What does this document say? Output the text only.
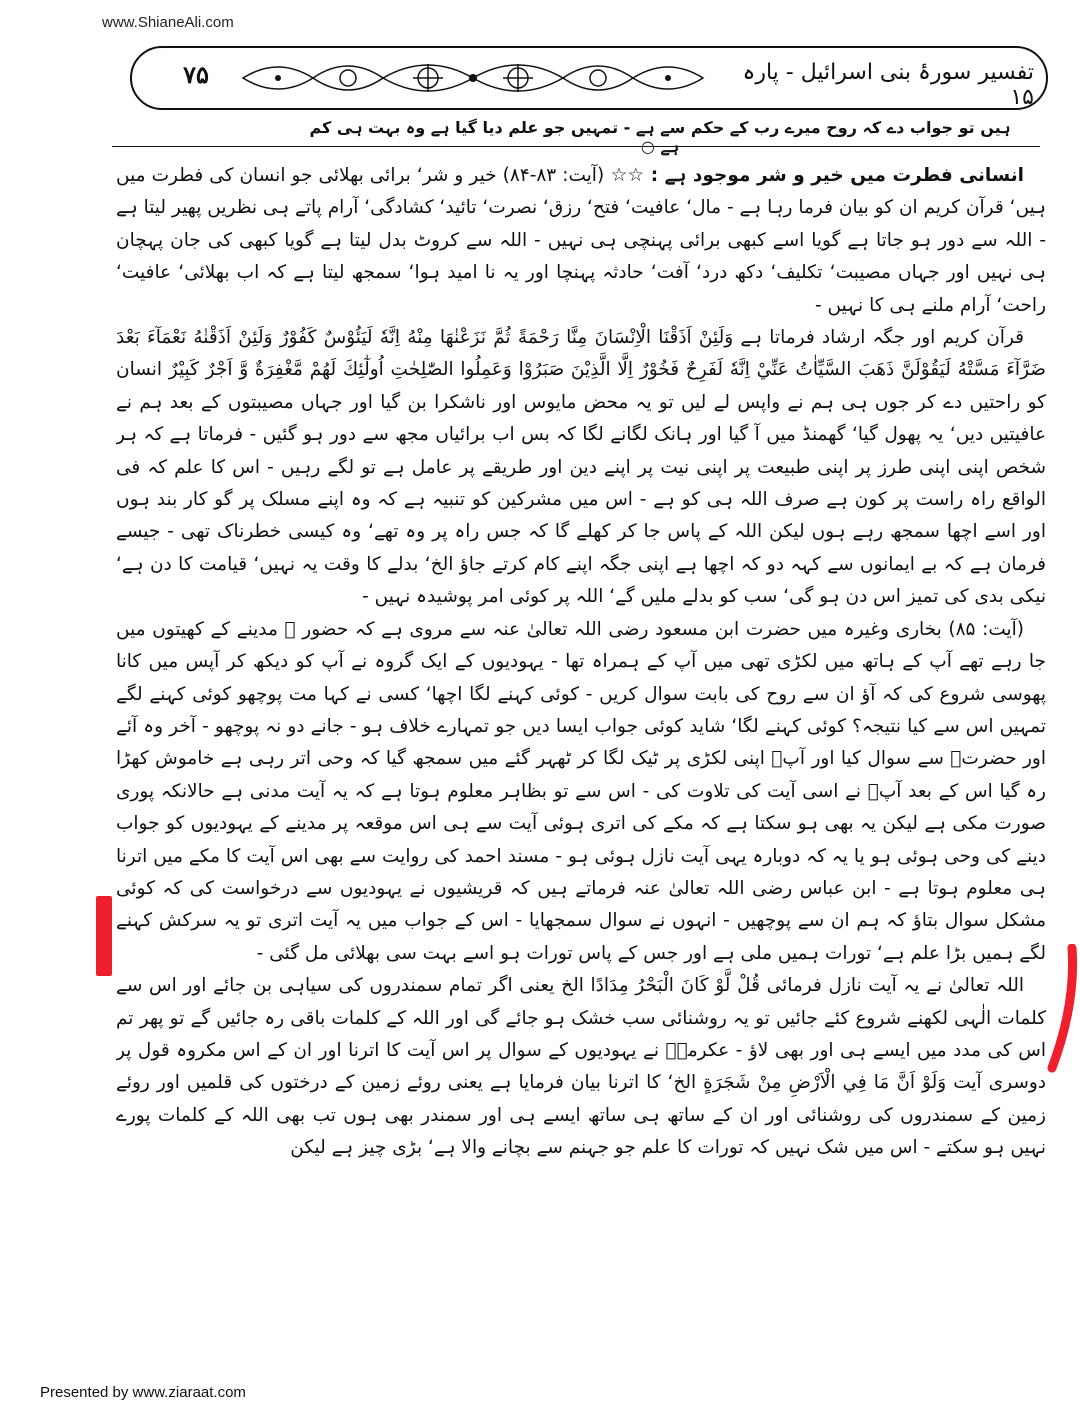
www.ShianeAli.com
۷۵	تفسیر سورۂ بنی اسرائیل - پارہ ۱۵
ہیں تو جواب دے کہ روح میرے رب کے حکم سے ہے - تمہیں جو علم دیا گیا ہے وہ بہت ہی کم ہے ○

انسانی فطرت میں خیر و شر موجود ہے : ☆☆ (آیت: ۸۳-۸۴) خیر و شر‘ برائی بھلائی جو انسان کی فطرت میں ہیں‘ قرآن کریم ان کو بیان فرما رہا ہے - مال‘ عافیت‘ فتح‘ رزق‘ نصرت‘ تائید‘ کشادگی‘ آرام پاتے ہی نظریں پھیر لیتا ہے - اللہ سے دور ہو جاتا ہے گویا اسے کبھی برائی پہنچی ہی نہیں - اللہ سے کروٹ بدل لیتا ہے گویا کبھی کی جان پہچان ہی نہیں اور جہاں مصیبت‘ تکلیف‘ دکھ درد‘ آفت‘ حادثہ پہنچا اور یہ نا امید ہوا‘ سمجھ لیتا ہے کہ اب بھلائی‘ عافیت‘ راحت‘ آرام ملنے ہی کا نہیں -

قرآن کریم اور جگہ ارشاد فرماتا ہے وَلَئِنْ اَذَقْنَا الْاِنْسَانَ مِنَّا رَحْمَةً ثُمَّ نَزَعْنٰهَا مِنْهُ اِنَّهٗ لَيَئُوْسٌ كَفُوْرٌ وَلَئِنْ اَذَقْنٰهُ نَعْمَآءَ بَعْدَ ضَرَّآءَ مَسَّتْهُ لَيَقُوْلَنَّ ذَهَبَ السَّيِّاٰتُ عَنِّيْ اِنَّهٗ لَفَرِحٌ فَخُوْرٌ اِلَّا الَّذِيْنَ صَبَرُوْا وَعَمِلُوا الصّٰلِحٰتِ اُولٰٓئِكَ لَهُمْ مَّغْفِرَةٌ وَّ اَجْرٌ كَبِيْرٌ انسان کو راحتیں دے کر جوں ہی ہم نے واپس لے لیں تو یہ محض مایوس اور ناشکرا بن گیا اور جہاں مصیبتوں کے بعد ہم نے عافیتیں دیں‘ یہ پھول گیا‘ گھمنڈ میں آ گیا اور ہانک لگانے لگا کہ بس اب برائیاں مجھ سے دور ہو گئیں - فرماتا ہے کہ ہر شخص اپنی اپنی طرز پر اپنی طبیعت پر اپنی نیت پر اپنے دین اور طریقے پر عامل ہے تو لگے رہیں - اس کا علم کہ فی الواقع راہ راست پر کون ہے صرف اللہ ہی کو ہے - اس میں مشرکین کو تنبیہ ہے کہ وہ اپنے مسلک پر گو کار بند ہوں اور اسے اچھا سمجھ رہے ہوں لیکن اللہ کے پاس جا کر کھلے گا کہ جس راہ پر وہ تھے‘ وہ کیسی خطرناک تھی - جیسے فرمان ہے کہ بے ایمانوں سے کہہ دو کہ اچھا ہے اپنی جگہ اپنے کام کرتے جاؤ الخ‘ بدلے کا وقت یہ نہیں‘ قیامت کا دن ہے‘ نیکی بدی کی تمیز اس دن ہو گی‘ سب کو بدلے ملیں گے‘ اللہ پر کوئی امر پوشیدہ نہیں -

(آیت: ۸۵) بخاری وغیرہ میں حضرت ابن مسعود رضی اللہ تعالیٰ عنہ سے مروی ہے کہ حضور ﷺ مدینے کے کھیتوں میں جا رہے تھے آپ کے ہاتھ میں لکڑی تھی میں آپ کے ہمراہ تھا - یہودیوں کے ایک گروہ نے آپ کو دیکھ کر آپس میں کانا پھوسی شروع کی کہ آؤ ان سے روح کی بابت سوال کریں - کوئی کہنے لگا اچھا‘ کسی نے کہا مت پوچھو کوئی کہنے لگے تمہیں اس سے کیا نتیجہ؟ کوئی کہنے لگا‘ شاید کوئی جواب ایسا دیں جو تمہارے خلاف ہو - جانے دو نہ پوچھو - آخر وہ آئے اور حضرتؐ سے سوال کیا اور آپؐ اپنی لکڑی پر ٹیک لگا کر ٹھہر گئے میں سمجھ گیا کہ وحی اتر رہی ہے خاموش کھڑا رہ گیا اس کے بعد آپؐ نے اسی آیت کی تلاوت کی - اس سے تو بظاہر معلوم ہوتا ہے کہ یہ آیت مدنی ہے حالانکہ پوری صورت مکی ہے لیکن یہ بھی ہو سکتا ہے کہ مکے کی اتری ہوئی آیت سے ہی اس موقعہ پر مدینے کے یہودیوں کو جواب دینے کی وحی ہوئی ہو یا یہ کہ دوبارہ یہی آیت نازل ہوئی ہو - مسند احمد کی روایت سے بھی اس آیت کا مکے میں اترنا ہی معلوم ہوتا ہے - ابن عباس رضی اللہ تعالیٰ عنہ فرماتے ہیں کہ قریشیوں نے یہودیوں سے درخواست کی کہ کوئی مشکل سوال بتاؤ کہ ہم ان سے پوچھیں - انہوں نے سوال سمجھایا - اس کے جواب میں یہ آیت اتری تو یہ سرکش کہنے لگے ہمیں بڑا علم ہے‘ تورات ہمیں ملی ہے اور جس کے پاس تورات ہو اسے بہت سی بھلائی مل گئی -

اللہ تعالیٰ نے یہ آیت نازل فرمائی قُلْ لَّوْ كَانَ الْبَحْرُ مِدَادًا الخ یعنی اگر تمام سمندروں کی سیاہی بن جائے اور اس سے کلمات الٰہی لکھنے شروع کئے جائیں تو یہ روشنائی سب خشک ہو جائے گی اور اللہ کے کلمات باقی رہ جائیں گے تو پھر تم اس کی مدد میں ایسے ہی اور بھی لاؤ - عکرمہؒ نے یہودیوں کے سوال پر اس آیت کا اترنا اور ان کے اس مکروہ قول پر دوسری آیت وَلَوْ اَنَّ مَا فِي الْاَرْضِ مِنْ شَجَرَةٍ الخ‘ کا اترنا بیان فرمایا ہے یعنی روئے زمین کے درختوں کی قلمیں اور روئے زمین کے سمندروں کی روشنائی اور ان کے ساتھ ہی ساتھ ایسے ہی اور سمندر بھی ہوں تب بھی اللہ کے کلمات پورے نہیں ہو سکتے - اس میں شک نہیں کہ تورات کا علم جو جہنم سے بچانے والا ہے‘ بڑی چیز ہے لیکن

Presented by www.ziaraat.com
